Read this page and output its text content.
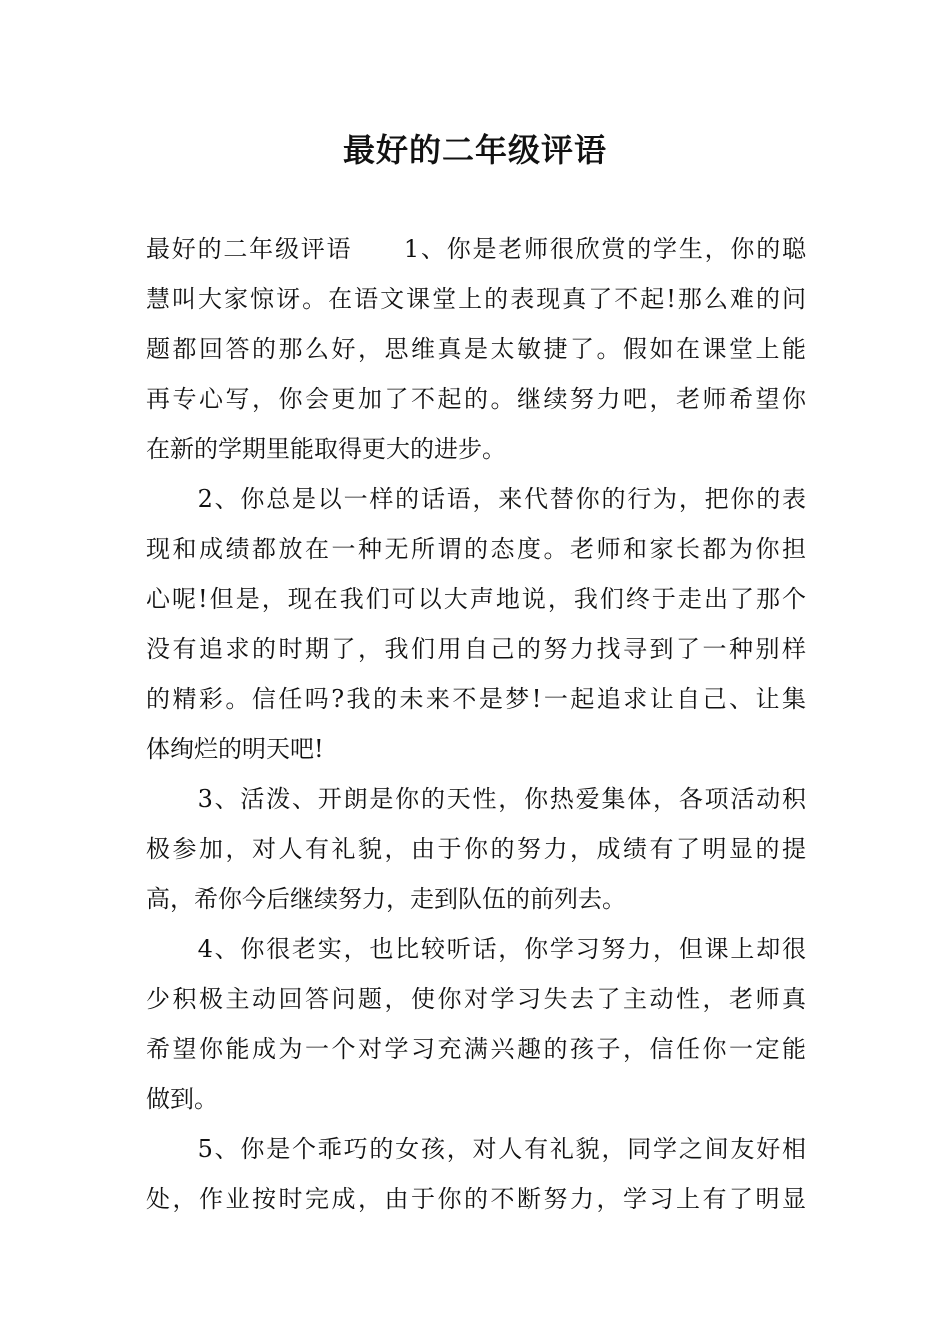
最好的二年级评语
最好的二年级评语　　1、你是老师很欣赏的学生，你的聪
慧叫大家惊讶。在语文课堂上的表现真了不起!那么难的问
题都回答的那么好，思维真是太敏捷了。假如在课堂上能
再专心写，你会更加了不起的。继续努力吧，老师希望你
在新的学期里能取得更大的进步。
　　2、你总是以一样的话语，来代替你的行为，把你的表
现和成绩都放在一种无所谓的态度。老师和家长都为你担
心呢!但是，现在我们可以大声地说，我们终于走出了那个
没有追求的时期了，我们用自己的努力找寻到了一种别样
的精彩。信任吗?我的未来不是梦!一起追求让自己、让集
体绚烂的明天吧!
　　3、活泼、开朗是你的天性，你热爱集体，各项活动积
极参加，对人有礼貌，由于你的努力，成绩有了明显的提
高，希你今后继续努力，走到队伍的前列去。
　　4、你很老实，也比较听话，你学习努力，但课上却很
少积极主动回答问题，使你对学习失去了主动性，老师真
希望你能成为一个对学习充满兴趣的孩子，信任你一定能
做到。
　　5、你是个乖巧的女孩，对人有礼貌，同学之间友好相
处，作业按时完成，由于你的不断努力，学习上有了明显
